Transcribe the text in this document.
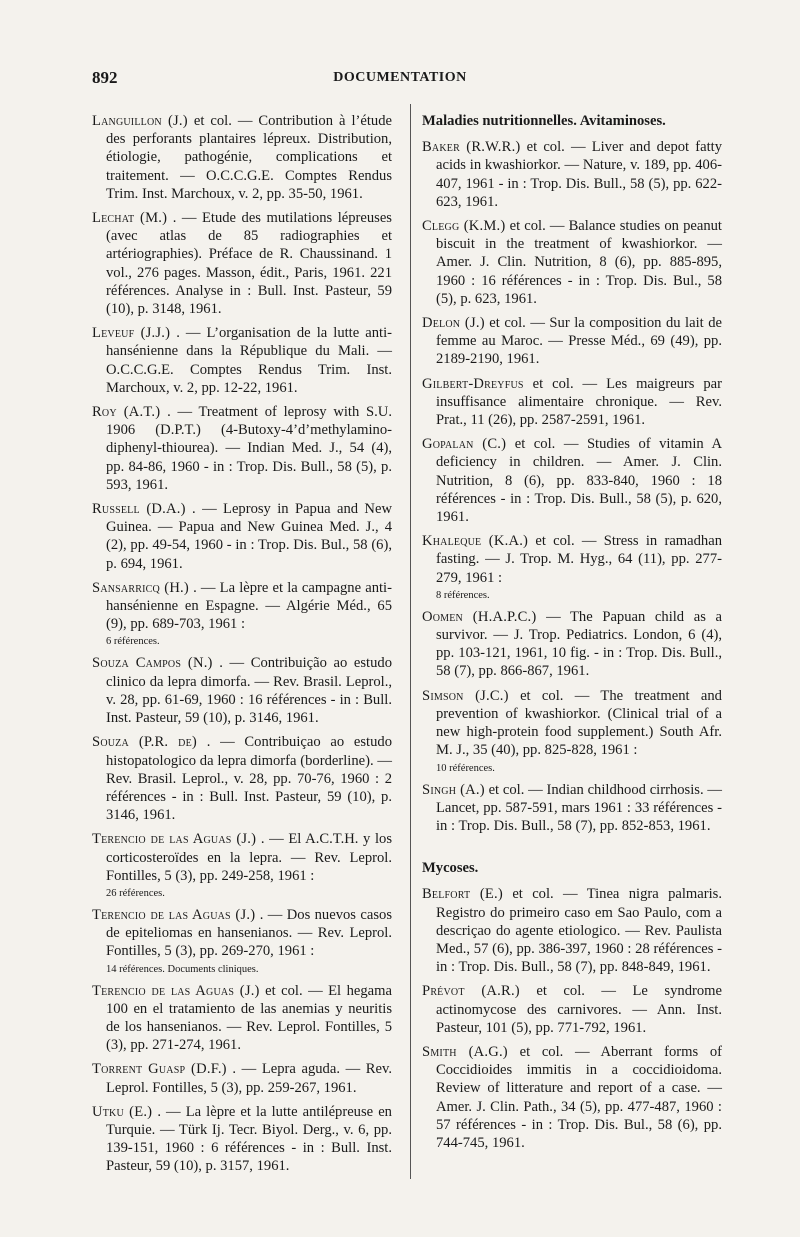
892	DOCUMENTATION
Languillon (J.) et col. — Contribution à l’étude des perforants plantaires lépreux. Distribution, étiologie, pathogénie, complications et traitement. — O.C.C.G.E. Comptes Rendus Trim. Inst. Marchoux, v. 2, pp. 35-50, 1961.
Lechat (M.) . — Etude des mutilations lépreuses (avec atlas de 85 radiographies et artériographies). Préface de R. Chaussinand. 1 vol., 276 pages. Masson, édit., Paris, 1961. 221 références. Analyse in : Bull. Inst. Pasteur, 59 (10), p. 3148, 1961.
Leveuf (J.J.) . — L’organisation de la lutte anti-hansénienne dans la République du Mali. — O.C.C.G.E. Comptes Rendus Trim. Inst. Marchoux, v. 2, pp. 12-22, 1961.
Roy (A.T.) . — Treatment of leprosy with S.U. 1906 (D.P.T.) (4-Butoxy-4’d’methylamino-diphenyl-thiourea). — Indian Med. J., 54 (4), pp. 84-86, 1960 - in : Trop. Dis. Bull., 58 (5), p. 593, 1961.
Russell (D.A.) . — Leprosy in Papua and New Guinea. — Papua and New Guinea Med. J., 4 (2), pp. 49-54, 1960 - in : Trop. Dis. Bul., 58 (6), p. 694, 1961.
Sansarricq (H.) . — La lèpre et la campagne anti-hansénienne en Espagne. — Algérie Méd., 65 (9), pp. 689-703, 1961 :
6 références.
Souza Campos (N.) . — Contribuição ao estudo clinico da lepra dimorfa. — Rev. Brasil. Leprol., v. 28, pp. 61-69, 1960 : 16 références - in : Bull. Inst. Pasteur, 59 (10), p. 3146, 1961.
Souza (P.R. de) . — Contribuiçao ao estudo histopatologico da lepra dimorfa (borderline). — Rev. Brasil. Leprol., v. 28, pp. 70-76, 1960 : 2 références - in : Bull. Inst. Pasteur, 59 (10), p. 3146, 1961.
Terencio de las Aguas (J.) . — El A.C.T.H. y los corticosteroïdes en la lepra. — Rev. Leprol. Fontilles, 5 (3), pp. 249-258, 1961 :
26 références.
Terencio de las Aguas (J.) . — Dos nuevos casos de epiteliomas en hansenianos. — Rev. Leprol. Fontilles, 5 (3), pp. 269-270, 1961 :
14 références. Documents cliniques.
Terencio de las Aguas (J.) et col. — El hegama 100 en el tratamiento de las anemias y neuritis de los hansenianos. — Rev. Leprol. Fontilles, 5 (3), pp. 271-274, 1961.
Torrent Guasp (D.F.) . — Lepra aguda. — Rev. Leprol. Fontilles, 5 (3), pp. 259-267, 1961.
Utku (E.) . — La lèpre et la lutte antilépreuse en Turquie. — Türk Ij. Tecr. Biyol. Derg., v. 6, pp. 139-151, 1960 : 6 références - in : Bull. Inst. Pasteur, 59 (10), p. 3157, 1961.
Maladies nutritionnelles. Avitaminoses.
Baker (R.W.R.) et col. — Liver and depot fatty acids in kwashiorkor. — Nature, v. 189, pp. 406-407, 1961 - in : Trop. Dis. Bull., 58 (5), pp. 622-623, 1961.
Clegg (K.M.) et col. — Balance studies on peanut biscuit in the treatment of kwashiorkor. — Amer. J. Clin. Nutrition, 8 (6), pp. 885-895, 1960 : 16 références - in : Trop. Dis. Bul., 58 (5), p. 623, 1961.
Delon (J.) et col. — Sur la composition du lait de femme au Maroc. — Presse Méd., 69 (49), pp. 2189-2190, 1961.
Gilbert-Dreyfus et col. — Les maigreurs par insuffisance alimentaire chronique. — Rev. Prat., 11 (26), pp. 2587-2591, 1961.
Gopalan (C.) et col. — Studies of vitamin A deficiency in children. — Amer. J. Clin. Nutrition, 8 (6), pp. 833-840, 1960 : 18 références - in : Trop. Dis. Bull., 58 (5), p. 620, 1961.
Khaleque (K.A.) et col. — Stress in ramadhan fasting. — J. Trop. M. Hyg., 64 (11), pp. 277-279, 1961 :
8 références.
Oomen (H.A.P.C.) — The Papuan child as a survivor. — J. Trop. Pediatrics. London, 6 (4), pp. 103-121, 1961, 10 fig. - in : Trop. Dis. Bull., 58 (7), pp. 866-867, 1961.
Simson (J.C.) et col. — The treatment and prevention of kwashiorkor. (Clinical trial of a new high-protein food supplement.) South Afr. M. J., 35 (40), pp. 825-828, 1961 :
10 références.
Singh (A.) et col. — Indian childhood cirrhosis. — Lancet, pp. 587-591, mars 1961 : 33 références - in : Trop. Dis. Bull., 58 (7), pp. 852-853, 1961.
Mycoses.
Belfort (E.) et col. — Tinea nigra palmaris. Registro do primeiro caso em Sao Paulo, com a descriçao do agente etiologico. — Rev. Paulista Med., 57 (6), pp. 386-397, 1960 : 28 références - in : Trop. Dis. Bull., 58 (7), pp. 848-849, 1961.
Prévot (A.R.) et col. — Le syndrome actinomycose des carnivores. — Ann. Inst. Pasteur, 101 (5), pp. 771-792, 1961.
Smith (A.G.) et col. — Aberrant forms of Coccidioides immitis in a coccidioidoma. Review of litterature and report of a case. — Amer. J. Clin. Path., 34 (5), pp. 477-487, 1960 : 57 références - in : Trop. Dis. Bul., 58 (6), pp. 744-745, 1961.
